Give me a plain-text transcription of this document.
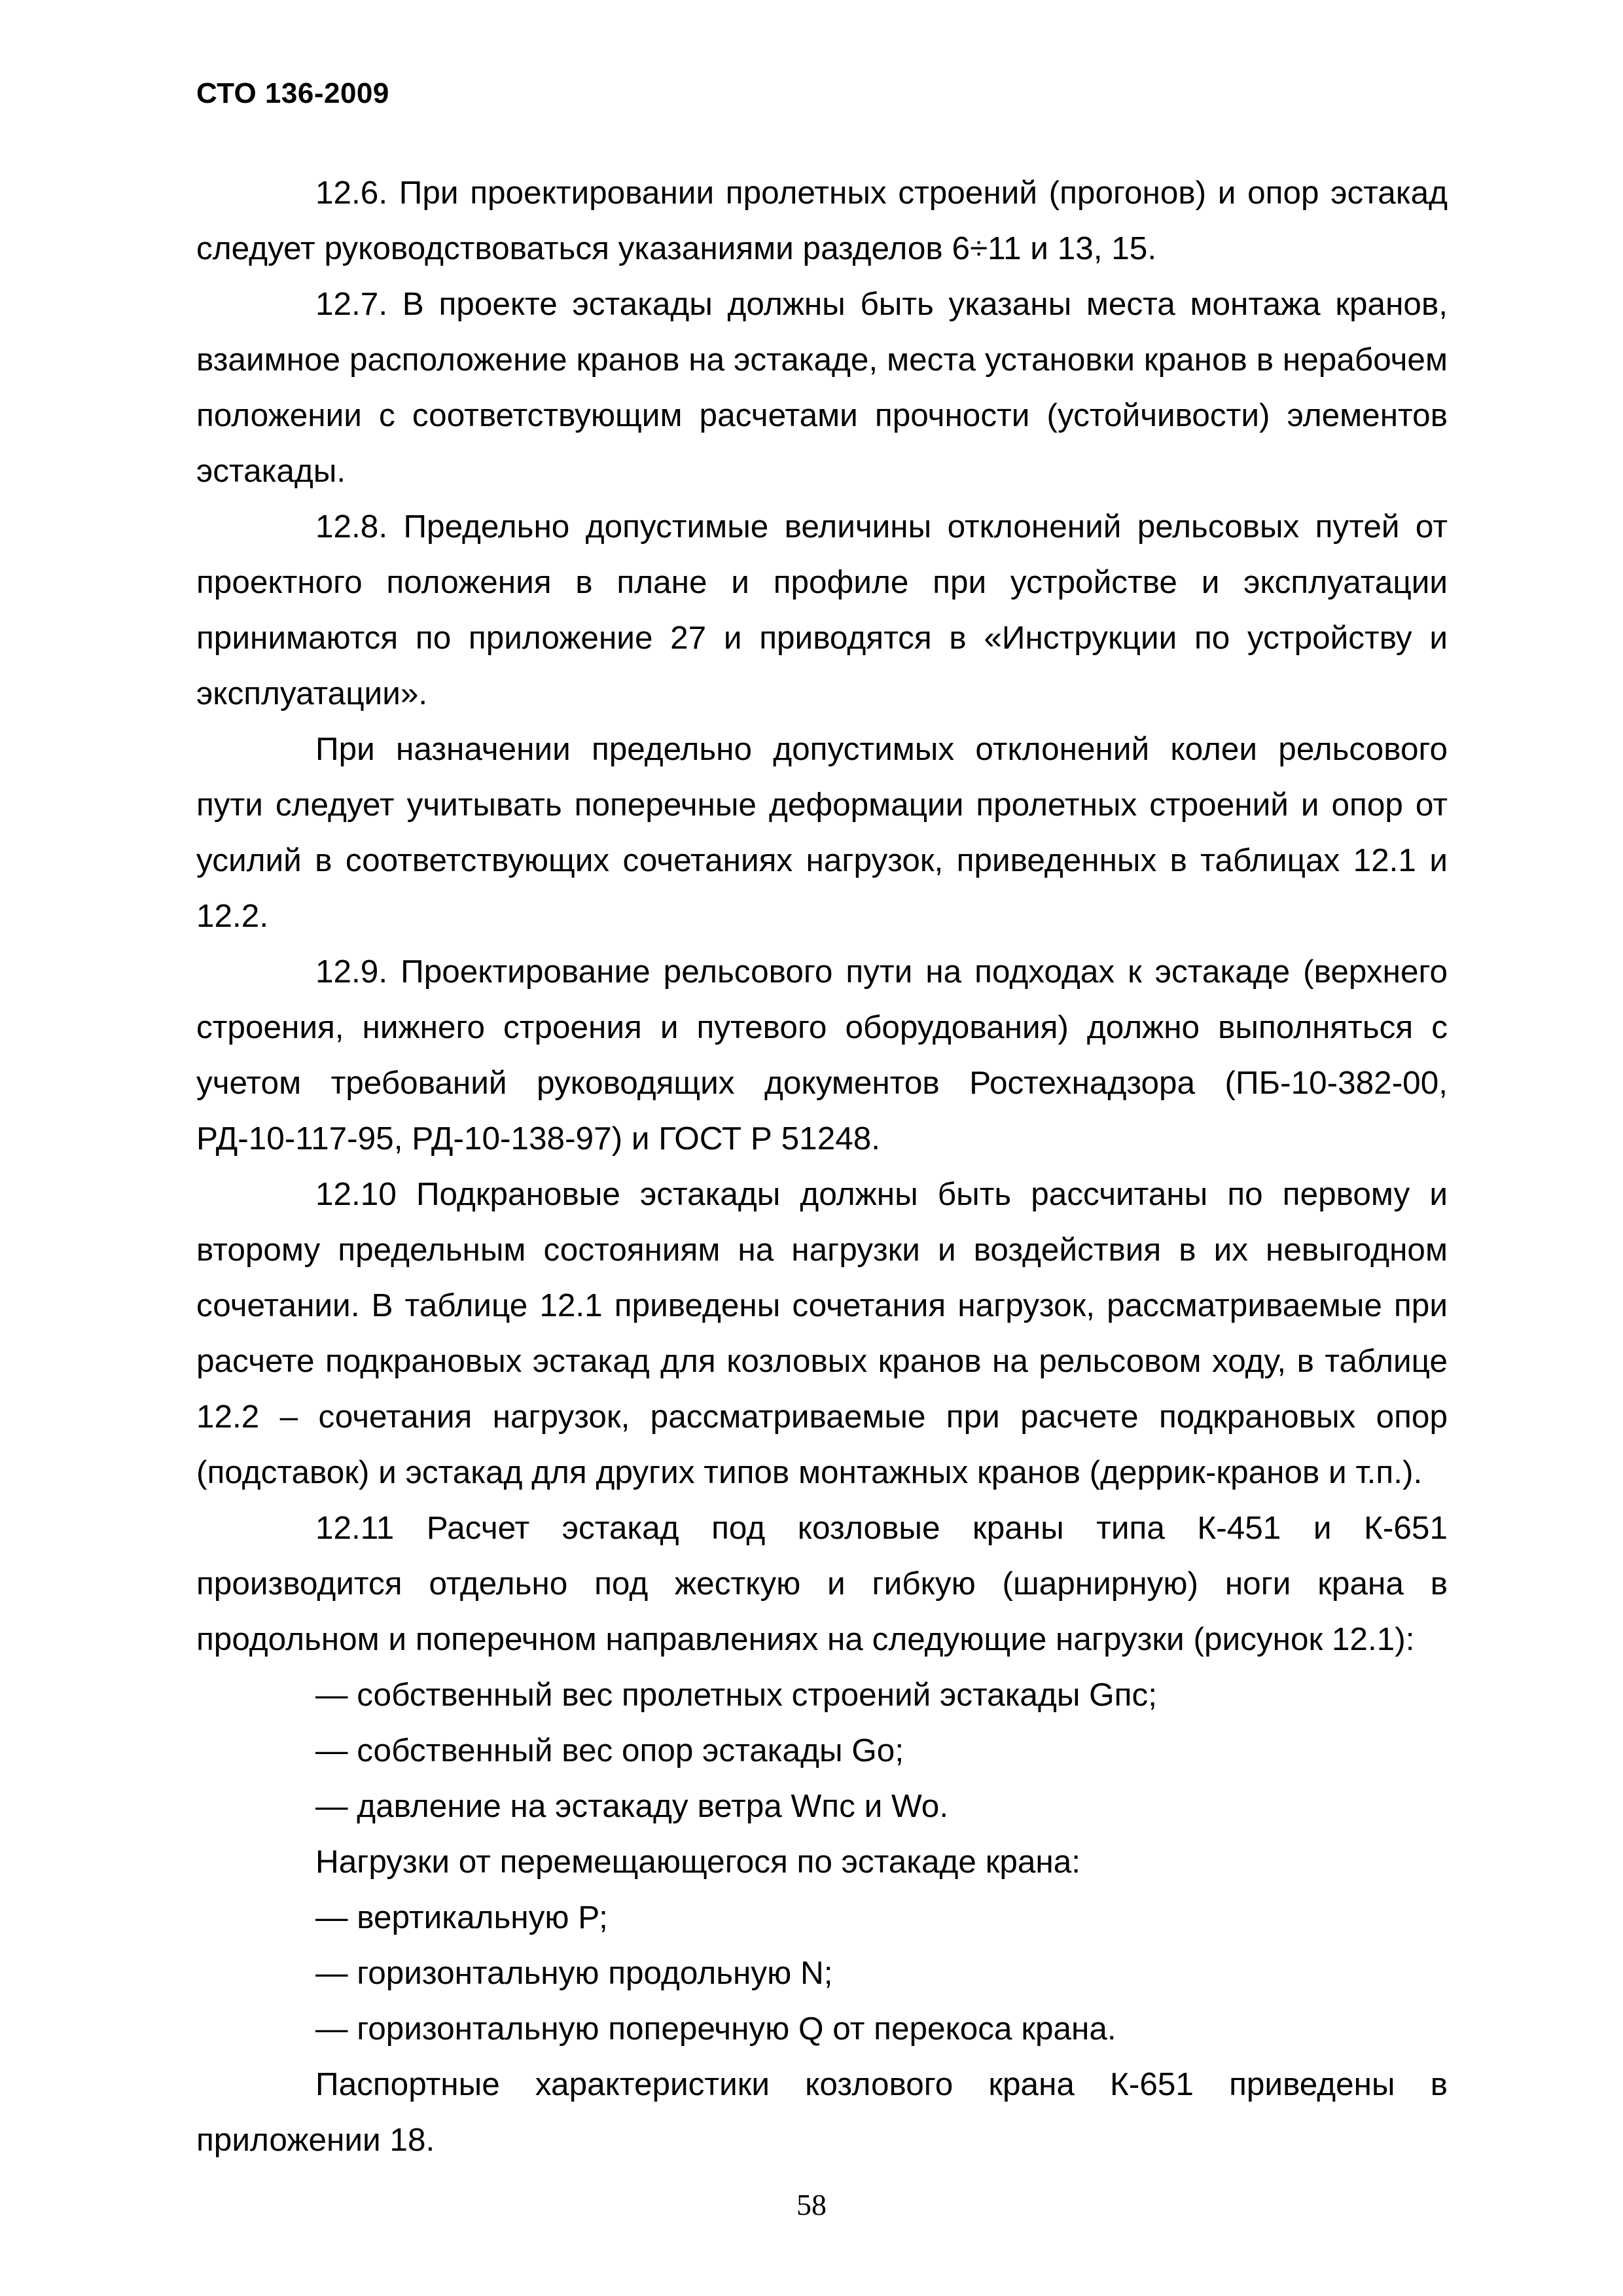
СТО 136-2009

12.6. При проектировании пролетных строений (прогонов) и опор эстакад следует руководствоваться указаниями разделов 6÷11 и 13, 15.

12.7. В проекте эстакады должны быть указаны места монтажа кранов, взаимное расположение кранов на эстакаде, места установки кранов в нерабочем положении с соответствующим расчетами прочности (устойчивости) элементов эстакады.

12.8. Предельно допустимые величины отклонений рельсовых путей от проектного положения в плане и профиле при устройстве и эксплуатации принимаются по приложение 27 и приводятся в «Инструкции по устройству и эксплуатации».

При назначении предельно допустимых отклонений колеи рельсового пути следует учитывать поперечные деформации пролетных строений и опор от усилий в соответствующих сочетаниях нагрузок, приведенных в таблицах 12.1 и 12.2.

12.9. Проектирование рельсового пути на подходах к эстакаде (верхнего строения, нижнего строения и путевого оборудования) должно выполняться с учетом требований руководящих документов Ростехнадзора (ПБ-10-382-00, РД-10-117-95, РД-10-138-97) и ГОСТ Р 51248.

12.10 Подкрановые эстакады должны быть рассчитаны по первому и второму предельным состояниям на нагрузки и воздействия в их невыгодном сочетании. В таблице 12.1 приведены сочетания нагрузок, рассматриваемые при расчете подкрановых эстакад для козловых кранов на рельсовом ходу, в таблице 12.2 – сочетания нагрузок, рассматриваемые при расчете подкрановых опор (подставок) и эстакад для других типов монтажных кранов (деррик-кранов и т.п.).

12.11 Расчет эстакад под козловые краны типа К-451 и К-651 производится отдельно под жесткую и гибкую (шарнирную) ноги крана в продольном и поперечном направлениях на следующие нагрузки (рисунок 12.1):

— собственный вес пролетных строений эстакады Gпс;

— собственный вес опор эстакады Go;

— давление на эстакаду ветра Wпс и Wo.

Нагрузки от перемещающегося по эстакаде крана:

— вертикальную Р;

— горизонтальную продольную N;

— горизонтальную поперечную Q от перекоса крана.

Паспортные характеристики козлового крана К-651 приведены в приложении 18.

58
